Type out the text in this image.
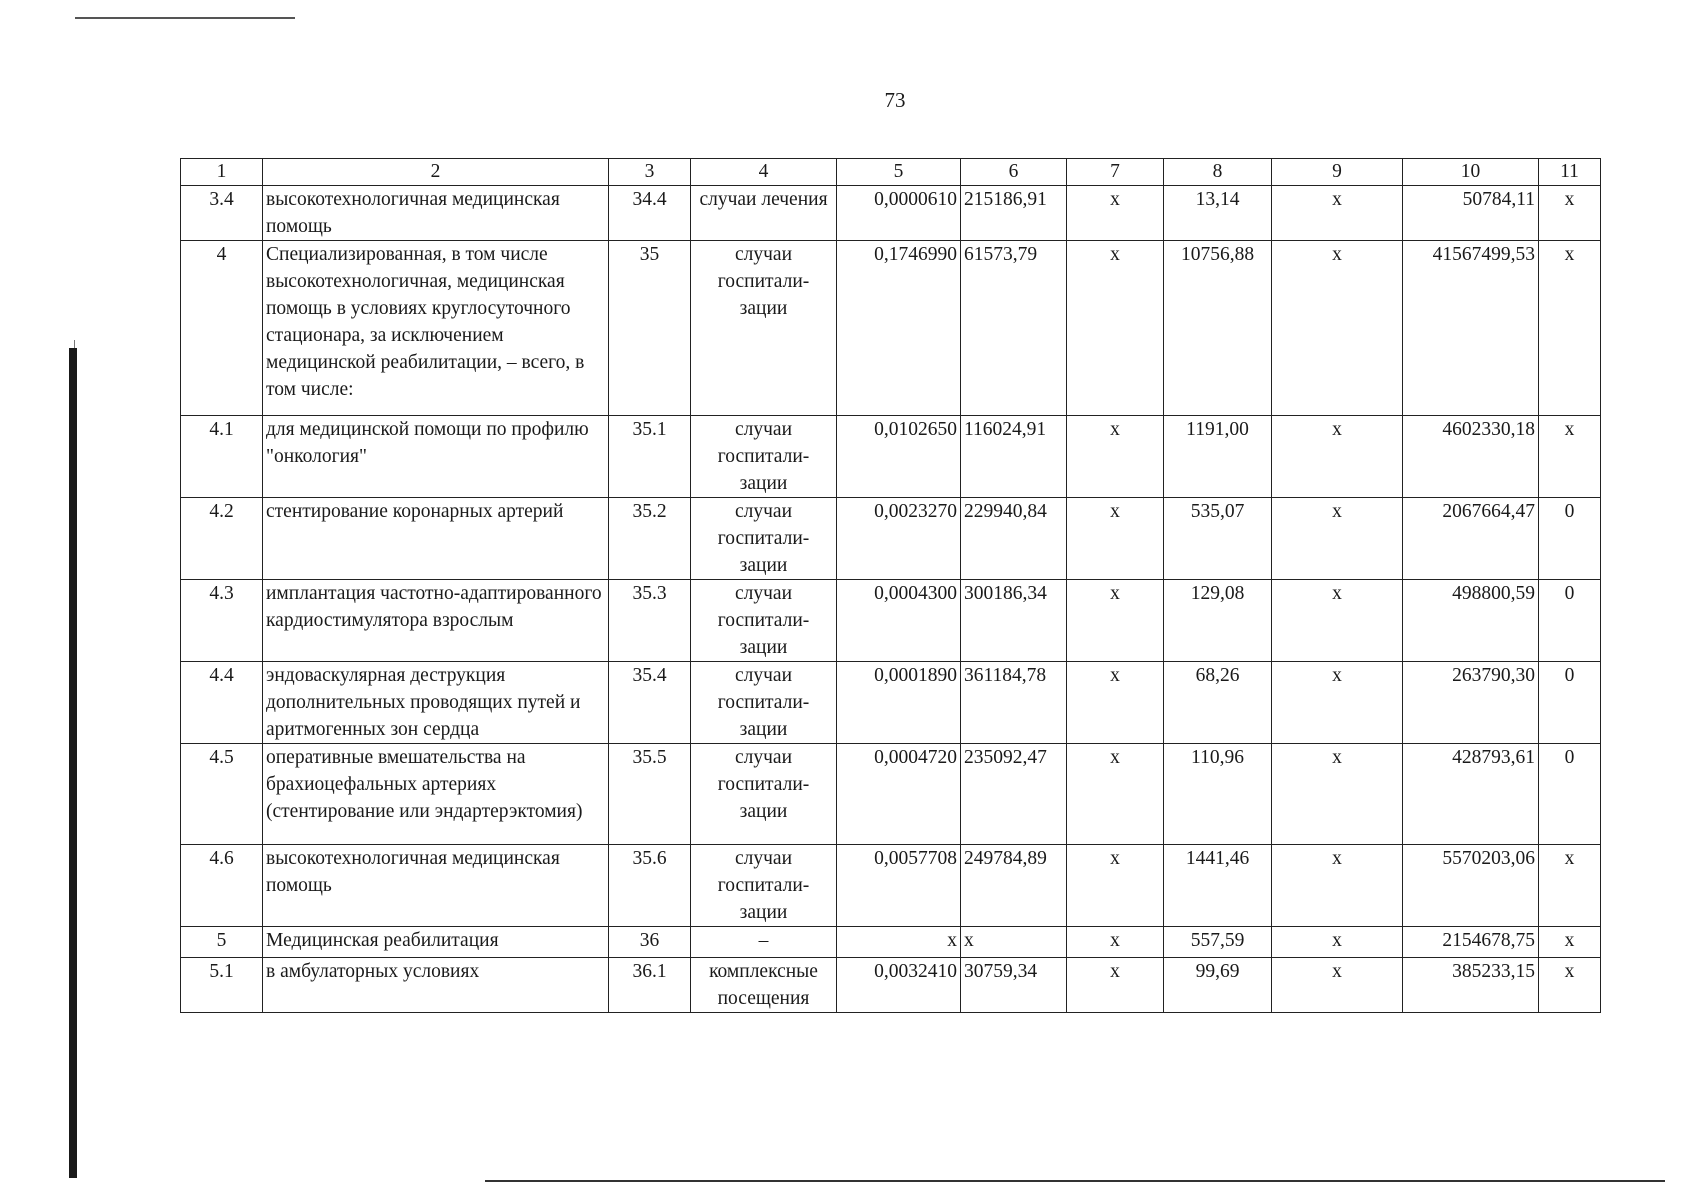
73
1	2	3	4	5	6	7	8	9	10	11
3.4	высокотехнологичная медицинская помощь	34.4	случаи лечения	0,0000610	215186,91	x	13,14	x	50784,11	x
4	Специализированная, в том числе высокотехнологичная, медицинская помощь в условиях круглосуточного стационара, за исключением медицинской реабилитации, – всего, в том числе:	35	случаи госпитали-зации	0,1746990	61573,79	x	10756,88	x	41567499,53	x
4.1	для медицинской помощи по профилю "онкология"	35.1	случаи госпитали-зации	0,0102650	116024,91	x	1191,00	x	4602330,18	x
4.2	стентирование коронарных артерий	35.2	случаи госпитали-зации	0,0023270	229940,84	x	535,07	x	2067664,47	0
4.3	имплантация частотно-адаптированного кардиостимулятора взрослым	35.3	случаи госпитали-зации	0,0004300	300186,34	x	129,08	x	498800,59	0
4.4	эндоваскулярная деструкция дополнительных проводящих путей и аритмогенных зон сердца	35.4	случаи госпитали-зации	0,0001890	361184,78	x	68,26	x	263790,30	0
4.5	оперативные вмешательства на брахиоцефальных артериях (стентирование или эндартерэктомия)	35.5	случаи госпитали-зации	0,0004720	235092,47	x	110,96	x	428793,61	0
4.6	высокотехнологичная медицинская помощь	35.6	случаи госпитали-зации	0,0057708	249784,89	x	1441,46	x	5570203,06	x
5	Медицинская реабилитация	36	–	x	x	x	557,59	x	2154678,75	x
5.1	в амбулаторных условиях	36.1	комплексные посещения	0,0032410	30759,34	x	99,69	x	385233,15	x
